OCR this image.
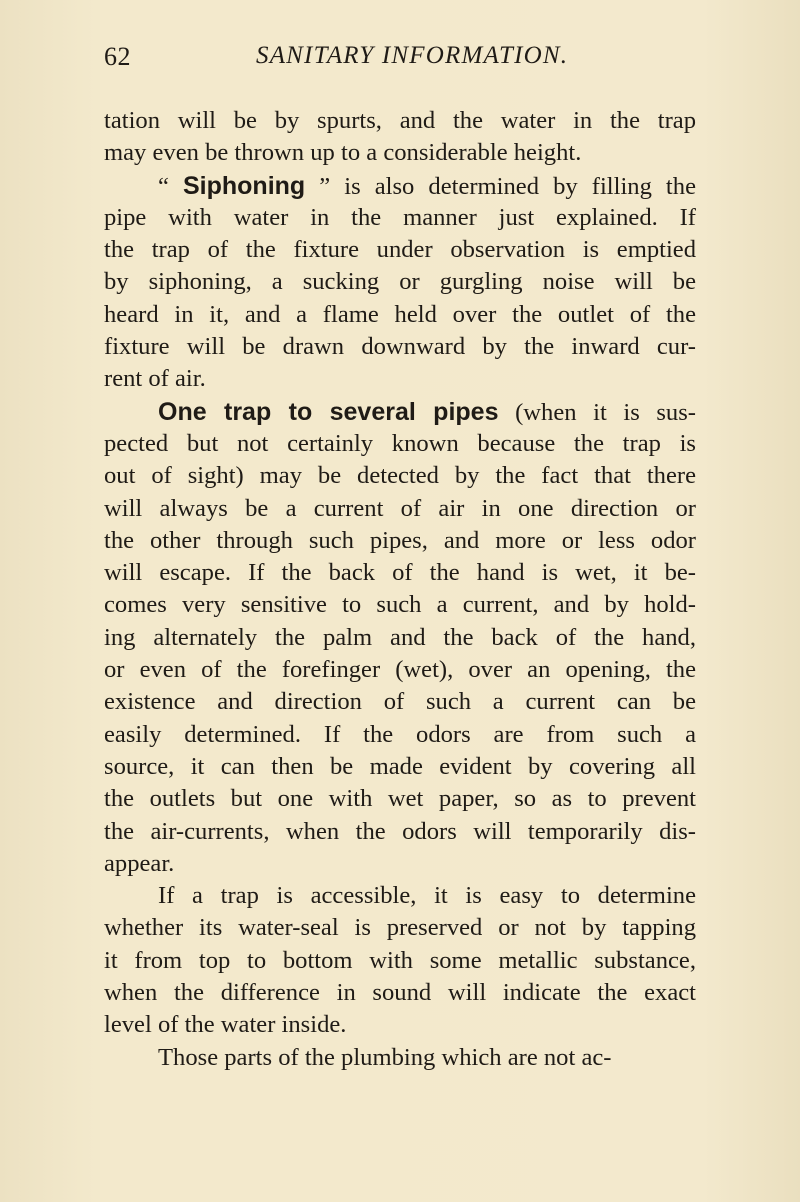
62	SANITARY INFORMATION.
tation will be by spurts, and the water in the trap
may even be thrown up to a considerable height.
“ Siphoning ” is also determined by filling the
pipe with water in the manner just explained. If
the trap of the fixture under observation is emptied
by siphoning, a sucking or gurgling noise will be
heard in it, and a flame held over the outlet of the
fixture will be drawn downward by the inward cur-
rent of air.
One trap to several pipes (when it is sus-
pected but not certainly known because the trap is
out of sight) may be detected by the fact that there
will always be a current of air in one direction or
the other through such pipes, and more or less odor
will escape. If the back of the hand is wet, it be-
comes very sensitive to such a current, and by hold-
ing alternately the palm and the back of the hand,
or even of the forefinger (wet), over an opening, the
existence and direction of such a current can be
easily determined. If the odors are from such a
source, it can then be made evident by covering all
the outlets but one with wet paper, so as to prevent
the air-currents, when the odors will temporarily dis-
appear.
If a trap is accessible, it is easy to determine
whether its water-seal is preserved or not by tapping
it from top to bottom with some metallic substance,
when the difference in sound will indicate the exact
level of the water inside.
Those parts of the plumbing which are not ac-
